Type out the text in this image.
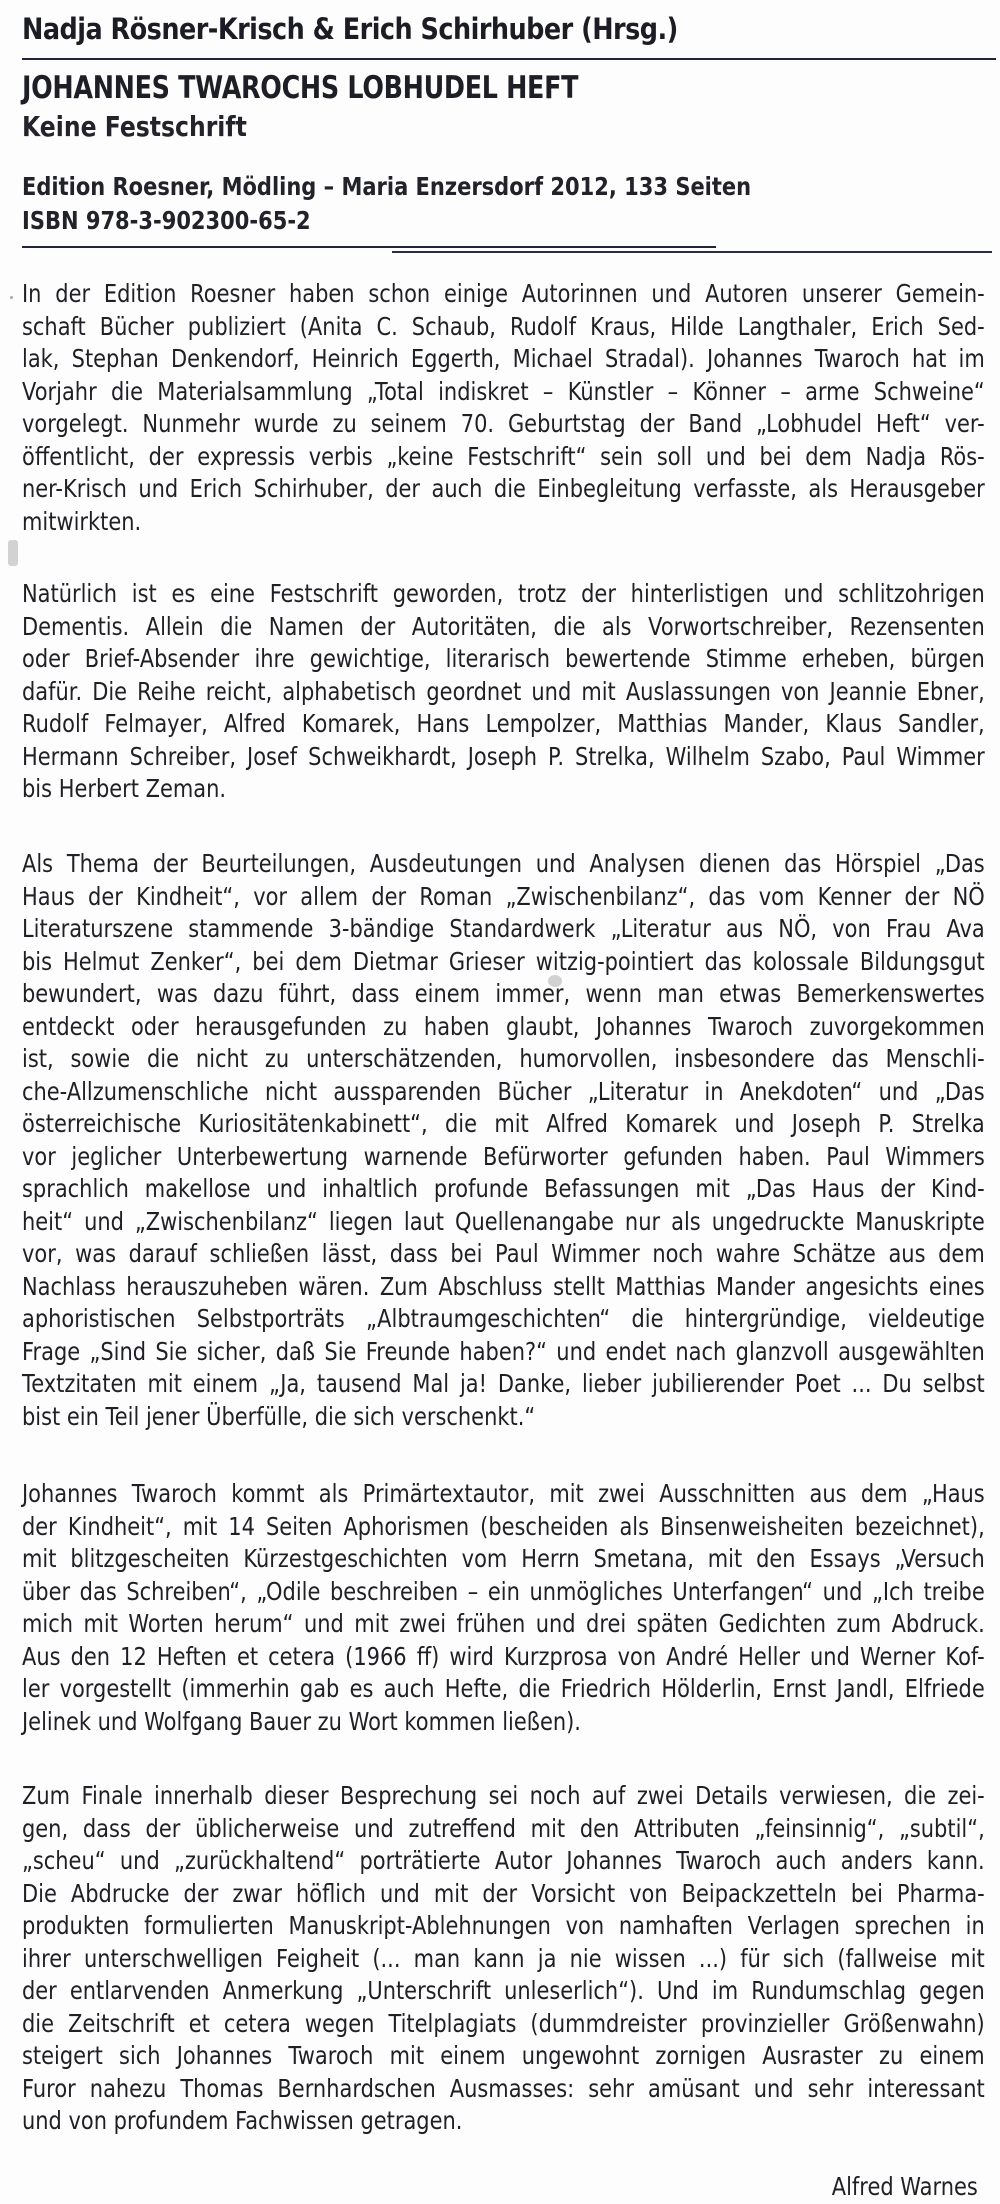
Nadja Rösner-Krisch & Erich Schirhuber (Hrsg.)
JOHANNES TWAROCHS LOBHUDEL HEFT
Keine Festschrift
Edition Roesner, Mödling – Maria Enzersdorf 2012, 133 Seiten
ISBN 978-3-902300-65-2
In der Edition Roesner haben schon einige Autorinnen und Autoren unserer Gemein-
schaft Bücher publiziert (Anita C. Schaub, Rudolf Kraus, Hilde Langthaler, Erich Sed-
lak, Stephan Denkendorf, Heinrich Eggerth, Michael Stradal). Johannes Twaroch hat im
Vorjahr die Materialsammlung „Total indiskret – Künstler – Könner – arme Schweine“
vorgelegt. Nunmehr wurde zu seinem 70. Geburtstag der Band „Lobhudel Heft“ ver-
öffentlicht, der expressis verbis „keine Festschrift“ sein soll und bei dem Nadja Rös-
ner-Krisch und Erich Schirhuber, der auch die Einbegleitung verfasste, als Herausgeber
mitwirkten.
Natürlich ist es eine Festschrift geworden, trotz der hinterlistigen und schlitzohrigen
Dementis. Allein die Namen der Autoritäten, die als Vorwortschreiber, Rezensenten
oder Brief-Absender ihre gewichtige, literarisch bewertende Stimme erheben, bürgen
dafür. Die Reihe reicht, alphabetisch geordnet und mit Auslassungen von Jeannie Ebner,
Rudolf Felmayer, Alfred Komarek, Hans Lempolzer, Matthias Mander, Klaus Sandler,
Hermann Schreiber, Josef Schweikhardt, Joseph P. Strelka, Wilhelm Szabo, Paul Wimmer
bis Herbert Zeman.
Als Thema der Beurteilungen, Ausdeutungen und Analysen dienen das Hörspiel „Das
Haus der Kindheit“, vor allem der Roman „Zwischenbilanz“, das vom Kenner der NÖ
Literaturszene stammende 3-bändige Standardwerk „Literatur aus NÖ, von Frau Ava
bis Helmut Zenker“, bei dem Dietmar Grieser witzig-pointiert das kolossale Bildungsgut
bewundert, was dazu führt, dass einem immer, wenn man etwas Bemerkenswertes
entdeckt oder herausgefunden zu haben glaubt, Johannes Twaroch zuvorgekommen
ist, sowie die nicht zu unterschätzenden, humorvollen, insbesondere das Menschli-
che-Allzumenschliche nicht aussparenden Bücher „Literatur in Anekdoten“ und „Das
österreichische Kuriositätenkabinett“, die mit Alfred Komarek und Joseph P. Strelka
vor jeglicher Unterbewertung warnende Befürworter gefunden haben. Paul Wimmers
sprachlich makellose und inhaltlich profunde Befassungen mit „Das Haus der Kind-
heit“ und „Zwischenbilanz“ liegen laut Quellenangabe nur als ungedruckte Manuskripte
vor, was darauf schließen lässt, dass bei Paul Wimmer noch wahre Schätze aus dem
Nachlass herauszuheben wären. Zum Abschluss stellt Matthias Mander angesichts eines
aphoristischen Selbstporträts „Albtraumgeschichten“ die hintergründige, vieldeutige
Frage „Sind Sie sicher, daß Sie Freunde haben?“ und endet nach glanzvoll ausgewählten
Textzitaten mit einem „Ja, tausend Mal ja! Danke, lieber jubilierender Poet ... Du selbst
bist ein Teil jener Überfülle, die sich verschenkt.“
Johannes Twaroch kommt als Primärtextautor, mit zwei Ausschnitten aus dem „Haus
der Kindheit“, mit 14 Seiten Aphorismen (bescheiden als Binsenweisheiten bezeichnet),
mit blitzgescheiten Kürzestgeschichten vom Herrn Smetana, mit den Essays „Versuch
über das Schreiben“, „Odile beschreiben – ein unmögliches Unterfangen“ und „Ich treibe
mich mit Worten herum“ und mit zwei frühen und drei späten Gedichten zum Abdruck.
Aus den 12 Heften et cetera (1966 ff) wird Kurzprosa von André Heller und Werner Kof-
ler vorgestellt (immerhin gab es auch Hefte, die Friedrich Hölderlin, Ernst Jandl, Elfriede
Jelinek und Wolfgang Bauer zu Wort kommen ließen).
Zum Finale innerhalb dieser Besprechung sei noch auf zwei Details verwiesen, die zei-
gen, dass der üblicherweise und zutreffend mit den Attributen „feinsinnig“, „subtil“,
„scheu“ und „zurückhaltend“ porträtierte Autor Johannes Twaroch auch anders kann.
Die Abdrucke der zwar höflich und mit der Vorsicht von Beipackzetteln bei Pharma-
produkten formulierten Manuskript-Ablehnungen von namhaften Verlagen sprechen in
ihrer unterschwelligen Feigheit (... man kann ja nie wissen ...) für sich (fallweise mit
der entlarvenden Anmerkung „Unterschrift unleserlich“). Und im Rundumschlag gegen
die Zeitschrift et cetera wegen Titelplagiats (dummdreister provinzieller Größenwahn)
steigert sich Johannes Twaroch mit einem ungewohnt zornigen Ausraster zu einem
Furor nahezu Thomas Bernhardschen Ausmasses: sehr amüsant und sehr interessant
und von profundem Fachwissen getragen.
Alfred Warnes
